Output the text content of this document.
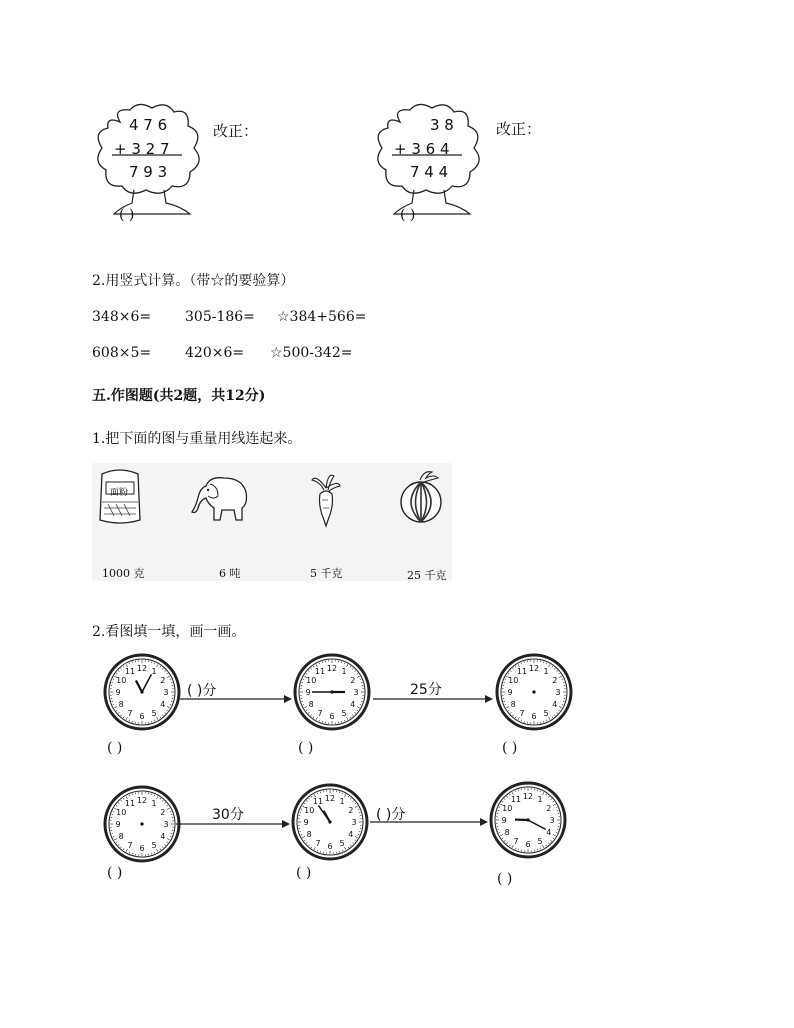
4 7 6
+ 3 2 7
7 9 3
( )
改正：	3 8
+ 3 6 4
7 4 4
( )
改正：
2.用竖式计算。（带☆的要验算）
348×6= 305-186= ☆384+566=
608×5= 420×6= ☆500-342=
五.作图题(共2题，共12分)
1.把下面的图与重量用线连起来。
面粉
1000 克	6 吨	5 千克	25 千克
2.看图填一填，画一画。
12 1
2
3
4
5
6
7
8
9
10
11	12 1
2
3
4
5
6
7
8
9
10
11	12 1
2
3
4
5
6
7
8
9
10
11
( )分	25分
( )	( )	( )
12 1
2
3
4
5
6
7
8
9
10
11
12 1
2
3
4
5
6
7
8
9
10
11
12 1
2
3
4
5
6
7
8
9
10
11
30分	( )分
( )	( )	( )
